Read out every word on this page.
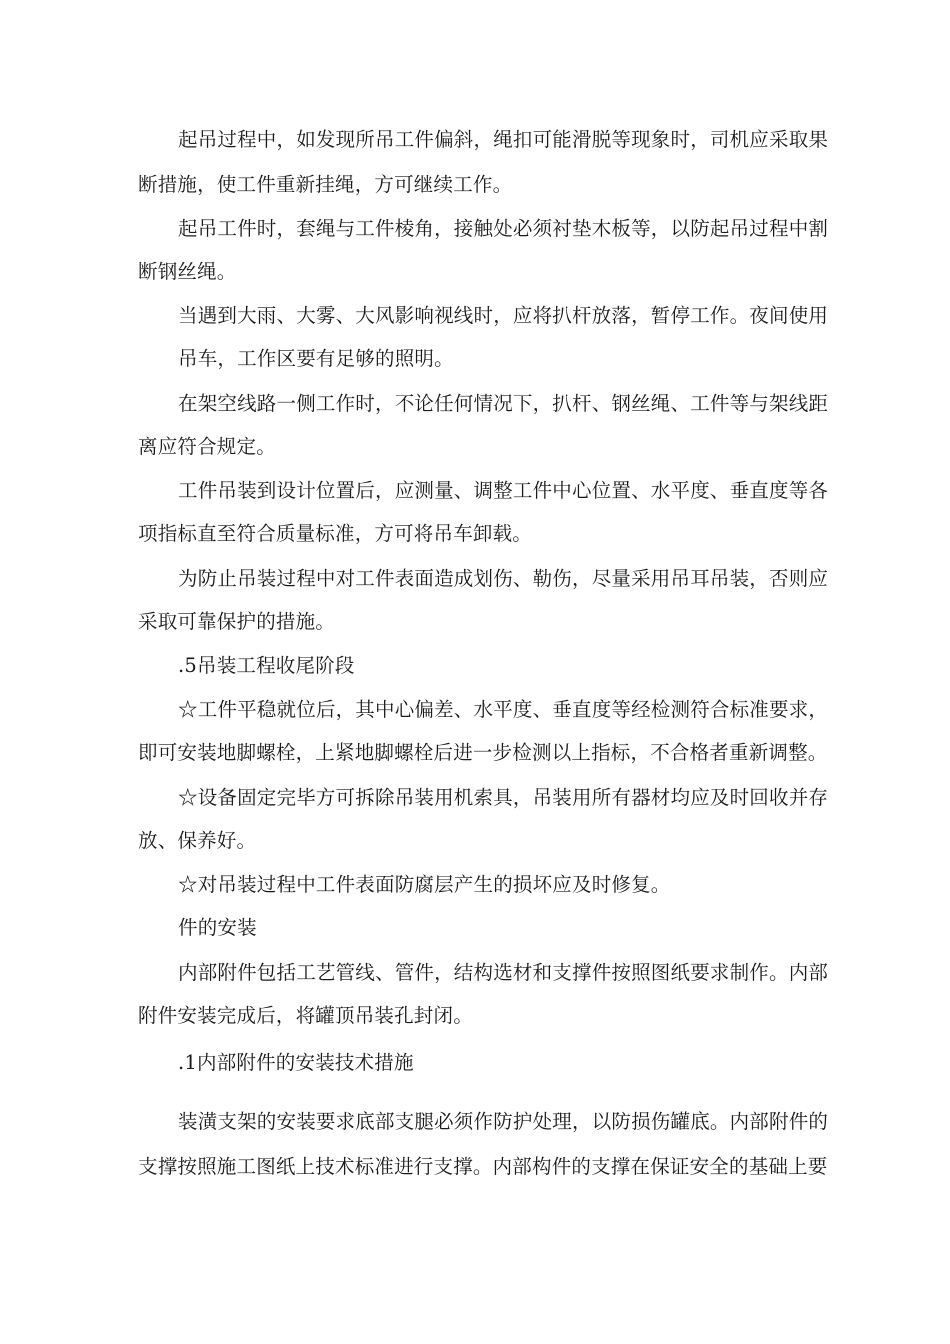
起吊过程中，如发现所吊工件偏斜，绳扣可能滑脱等现象时，司机应采取果
断措施，使工件重新挂绳，方可继续工作。
起吊工件时，套绳与工件棱角，接触处必须衬垫木板等，以防起吊过程中割
断钢丝绳。
当遇到大雨、大雾、大风影响视线时，应将扒杆放落，暂停工作。夜间使用
吊车，工作区要有足够的照明。
在架空线路一侧工作时，不论任何情况下，扒杆、钢丝绳、工件等与架线距
离应符合规定。
工件吊装到设计位置后，应测量、调整工件中心位置、水平度、垂直度等各
项指标直至符合质量标准，方可将吊车卸载。
为防止吊装过程中对工件表面造成划伤、勒伤，尽量采用吊耳吊装，否则应
采取可靠保护的措施。
.5吊装工程收尾阶段
☆工件平稳就位后，其中心偏差、水平度、垂直度等经检测符合标准要求，
即可安装地脚螺栓，上紧地脚螺栓后进一步检测以上指标，不合格者重新调整。
☆设备固定完毕方可拆除吊装用机索具，吊装用所有器材均应及时回收并存
放、保养好。
☆对吊装过程中工件表面防腐层产生的损坏应及时修复。
件的安装
内部附件包括工艺管线、管件，结构选材和支撑件按照图纸要求制作。内部
附件安装完成后，将罐顶吊装孔封闭。
.1内部附件的安装技术措施
装潢支架的安装要求底部支腿必须作防护处理，以防损伤罐底。内部附件的
支撑按照施工图纸上技术标准进行支撑。内部构件的支撑在保证安全的基础上要
